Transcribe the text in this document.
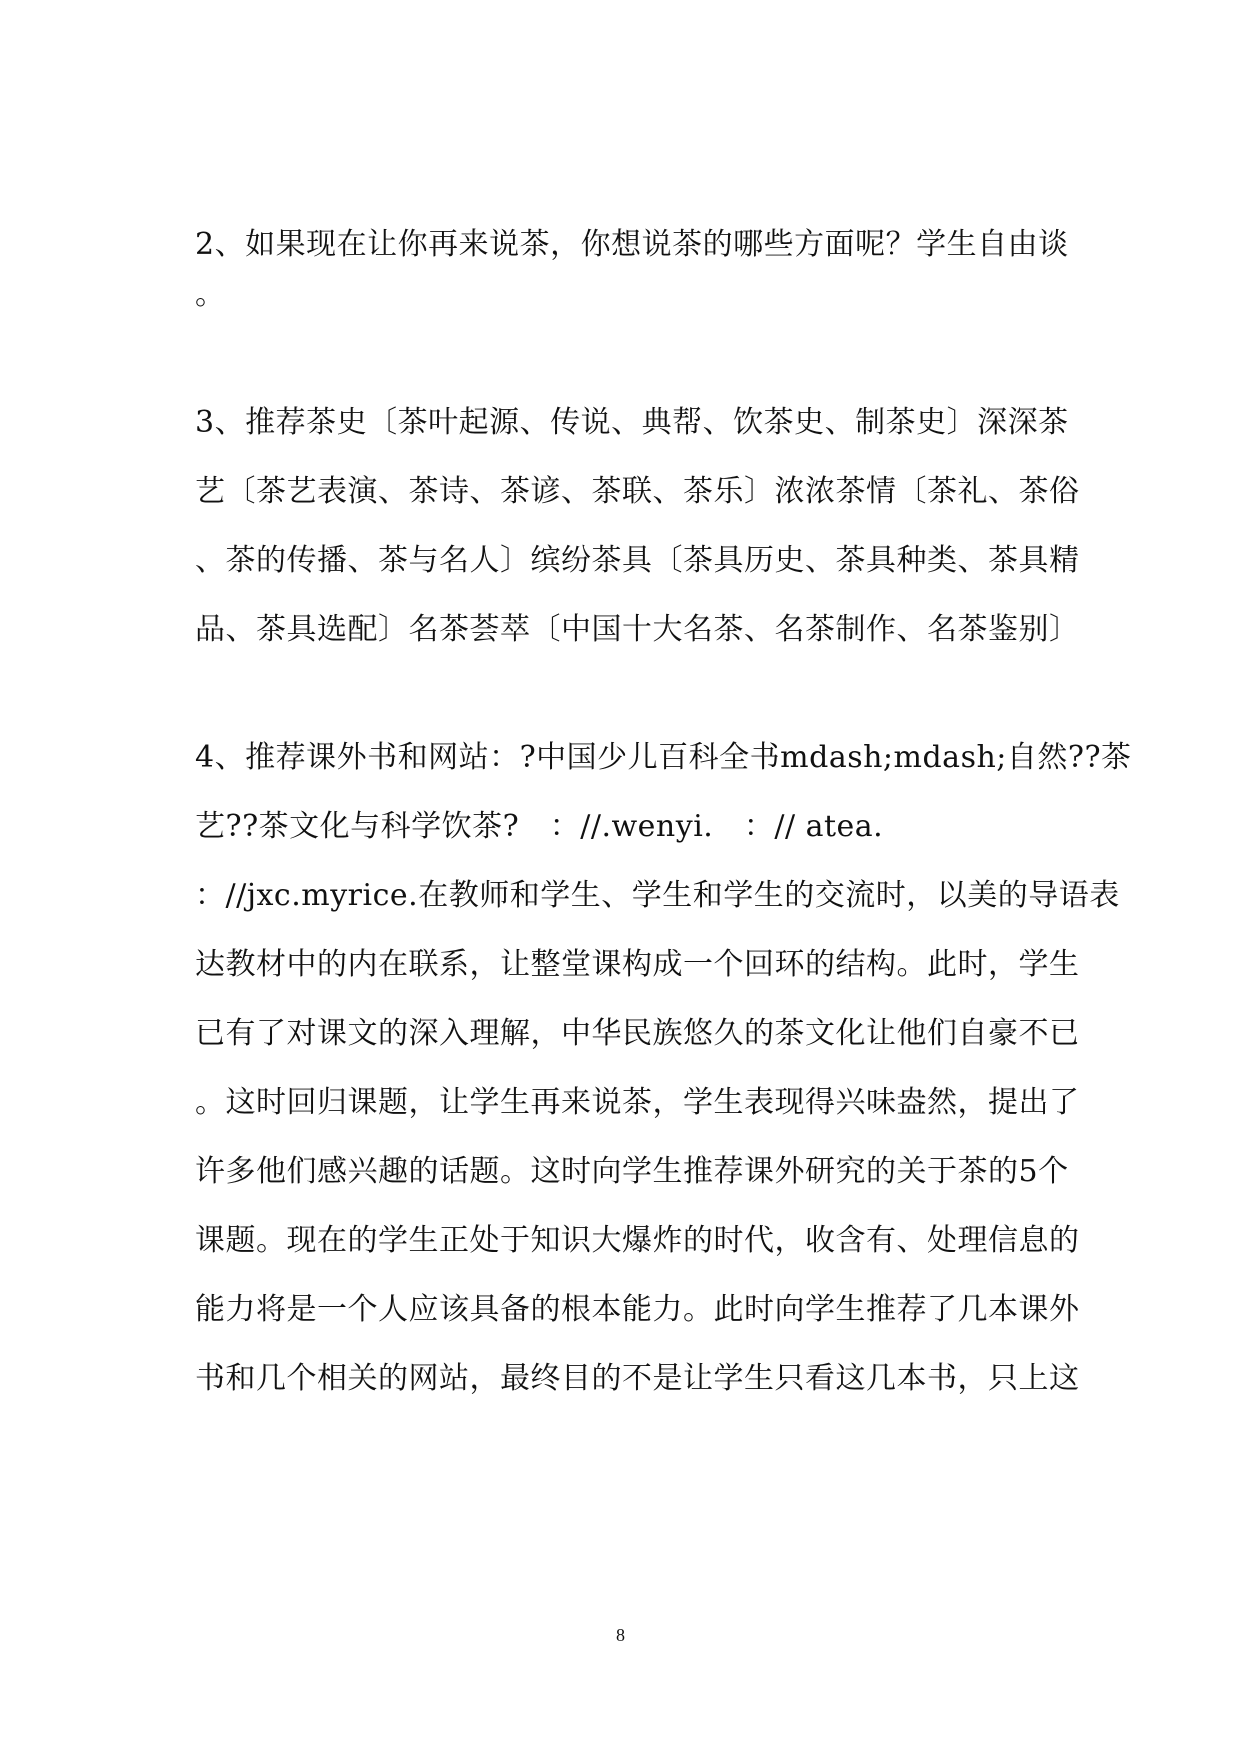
2、如果现在让你再来说茶，你想说茶的哪些方面呢？学生自由谈
。
3、推荐茶史〔茶叶起源、传说、典帮、饮茶史、制茶史〕深深茶
艺〔茶艺表演、茶诗、茶谚、茶联、茶乐〕浓浓茶情〔茶礼、茶俗
、茶的传播、茶与名人〕缤纷茶具〔茶具历史、茶具种类、茶具精
品、茶具选配〕名茶荟萃〔中国十大名茶、名茶制作、名茶鉴别〕
4、推荐课外书和网站：?中国少儿百科全书mdash;mdash;自然??茶
艺??茶文化与科学饮茶?　：//.wenyi.　：// atea.
：//jxc.myrice.在教师和学生、学生和学生的交流时，以美的导语表
达教材中的内在联系，让整堂课构成一个回环的结构。此时，学生
已有了对课文的深入理解，中华民族悠久的茶文化让他们自豪不已
。这时回归课题，让学生再来说茶，学生表现得兴味盎然，提出了
许多他们感兴趣的话题。这时向学生推荐课外研究的关于茶的5个
课题。现在的学生正处于知识大爆炸的时代，收含有、处理信息的
能力将是一个人应该具备的根本能力。此时向学生推荐了几本课外
书和几个相关的网站，最终目的不是让学生只看这几本书，只上这
8
